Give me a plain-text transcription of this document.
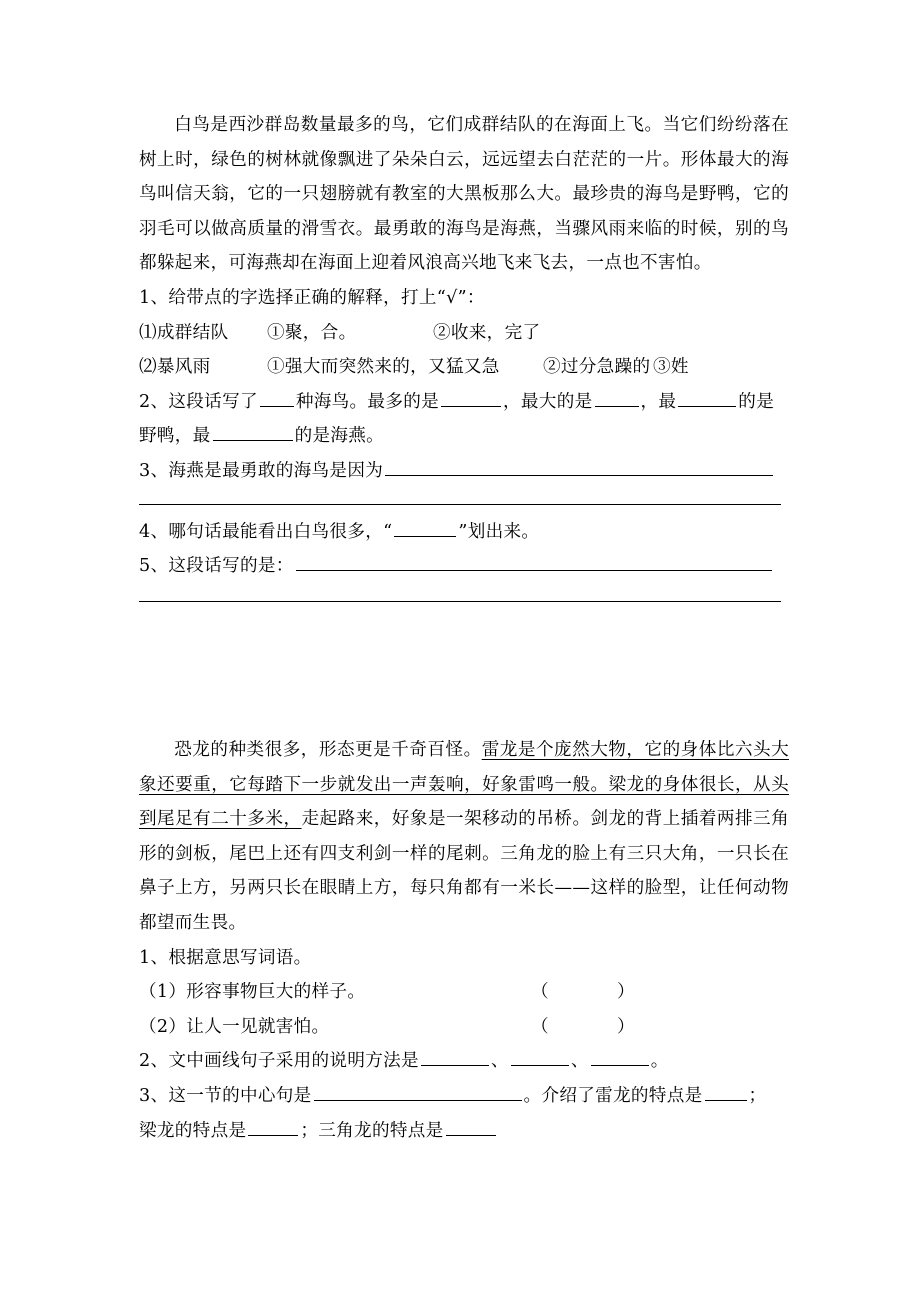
白鸟是西沙群岛数量最多的鸟，它们成群结队的在海面上飞。当它们纷纷落在树上时，绿色的树林就像飘进了朵朵白云，远远望去白茫茫的一片。形体最大的海鸟叫信天翁，它的一只翅膀就有教室的大黑板那么大。最珍贵的海鸟是野鸭，它的羽毛可以做高质量的滑雪衣。最勇敢的海鸟是海燕，当骤风雨来临的时候，别的鸟都躲起来，可海燕却在海面上迎着风浪高兴地飞来飞去，一点也不害怕。

1、给带点的字选择正确的解释，打上“√”：

⑴成群结队 ①聚，合。	②收来，完了

⑵暴风雨	①强大而突然来的，又猛又急 ②过分急躁的 ③姓

2、这段话写了 种海鸟。最多的是	，最大的是	，最	的是

野鸭，最	的是海燕。

3、海燕是最勇敢的海鸟是因为

4、哪句话最能看出白鸟很多，“	”划出来。

5、这段话写的是：

恐龙的种类很多，形态更是千奇百怪。雷龙是个庞然大物，它的身体比六头大象还要重，它每踏下一步就发出一声轰响，好象雷鸣一般。梁龙的身体很长，从头到尾足有二十多米，走起路来，好象是一架移动的吊桥。剑龙的背上插着两排三角形的剑板，尾巴上还有四支利剑一样的尾刺。三角龙的脸上有三只大角，一只长在鼻子上方，另两只长在眼睛上方，每只角都有一米长——这样的脸型，让任何动物都望而生畏。

1、根据意思写词语。

（1）形容事物巨大的样子。	（	）

（2）让人一见就害怕。	（	）

2、文中画线句子采用的说明方法是	、	、	。

3、这一节的中心句是	。介绍了雷龙的特点是	；

梁龙的特点是	；三角龙的特点是
